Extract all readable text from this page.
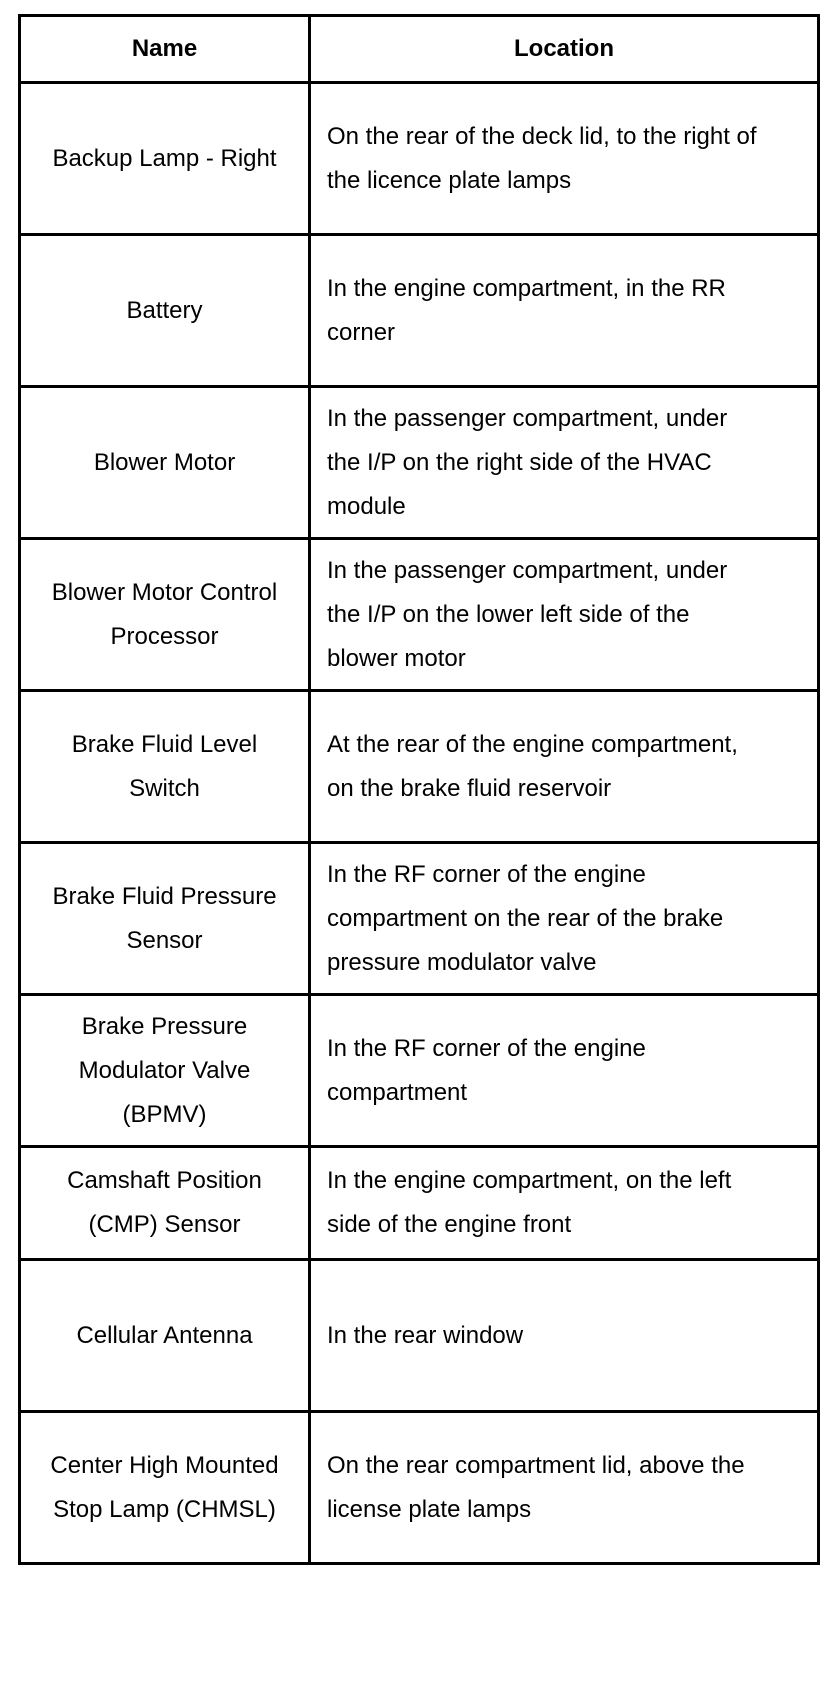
Name	Location
Backup Lamp - Right	On the rear of the deck lid, to the right of the licence plate lamps
Battery	In the engine compartment, in the RR corner
Blower Motor	In the passenger compartment, under the I/P on the right side of the HVAC module
Blower Motor Control Processor	In the passenger compartment, under the I/P on the lower left side of the blower motor
Brake Fluid Level Switch	At the rear of the engine compartment, on the brake fluid reservoir
Brake Fluid Pressure Sensor	In the RF corner of the engine compartment on the rear of the brake pressure modulator valve
Brake Pressure Modulator Valve (BPMV)	In the RF corner of the engine compartment
Camshaft Position (CMP) Sensor	In the engine compartment, on the left side of the engine front
Cellular Antenna	In the rear window
Center High Mounted Stop Lamp (CHMSL)	On the rear compartment lid, above the license plate lamps
